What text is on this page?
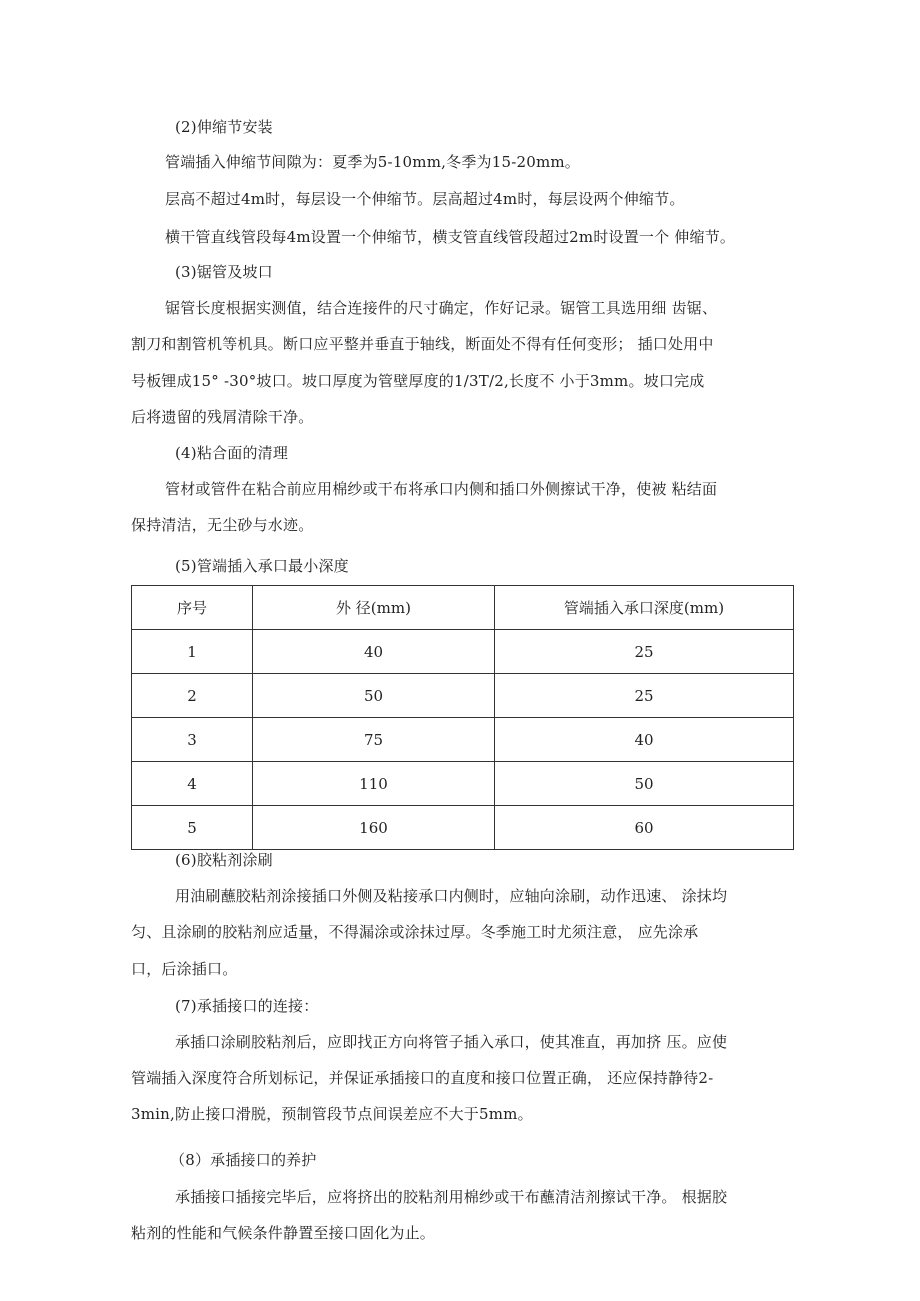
(2)伸缩节安装
管端插入伸缩节间隙为：夏季为5-10mm,冬季为15-20mm。
层高不超过4m时，每层设一个伸缩节。层高超过4m时，每层设两个伸缩节。
横干管直线管段每4m设置一个伸缩节，横支管直线管段超过2m时设置一个 伸缩节。
(3)锯管及坡口
锯管长度根据实测值，结合连接件的尺寸确定，作好记录。锯管工具选用细 齿锯、
割刀和割管机等机具。断口应平整并垂直于轴线，断面处不得有任何变形； 插口处用中
号板锂成15° -30°坡口。坡口厚度为管壁厚度的1/3T/2,长度不 小于3mm。坡口完成
后将遗留的残屑清除干净。
(4)粘合面的清理
管材或管件在粘合前应用棉纱或干布将承口内侧和插口外侧擦试干净，使被 粘结面
保持清洁，无尘砂与水迹。
(5)管端插入承口最小深度
序号	外 径(mm)	管端插入承口深度(mm)
1	40	25
2	50	25
3	75	40
4	110	50
5	160	60
(6)胶粘剂涂刷
用油刷蘸胶粘剂涂接插口外侧及粘接承口内侧时，应轴向涂刷，动作迅速、 涂抹均
匀、且涂刷的胶粘剂应适量，不得漏涂或涂抹过厚。冬季施工时尤须注意， 应先涂承
口，后涂插口。
(7)承插接口的连接：
承插口涂刷胶粘剂后，应即找正方向将管子插入承口，使其准直，再加挤 压。应使
管端插入深度符合所划标记，并保证承插接口的直度和接口位置正确， 还应保持静待2-
3min,防止接口滑脱，预制管段节点间误差应不大于5mm。
（8）承插接口的养护
承插接口插接完毕后，应将挤出的胶粘剂用棉纱或干布蘸清洁剂擦试干净。 根据胶
粘剂的性能和气候条件静置至接口固化为止。
